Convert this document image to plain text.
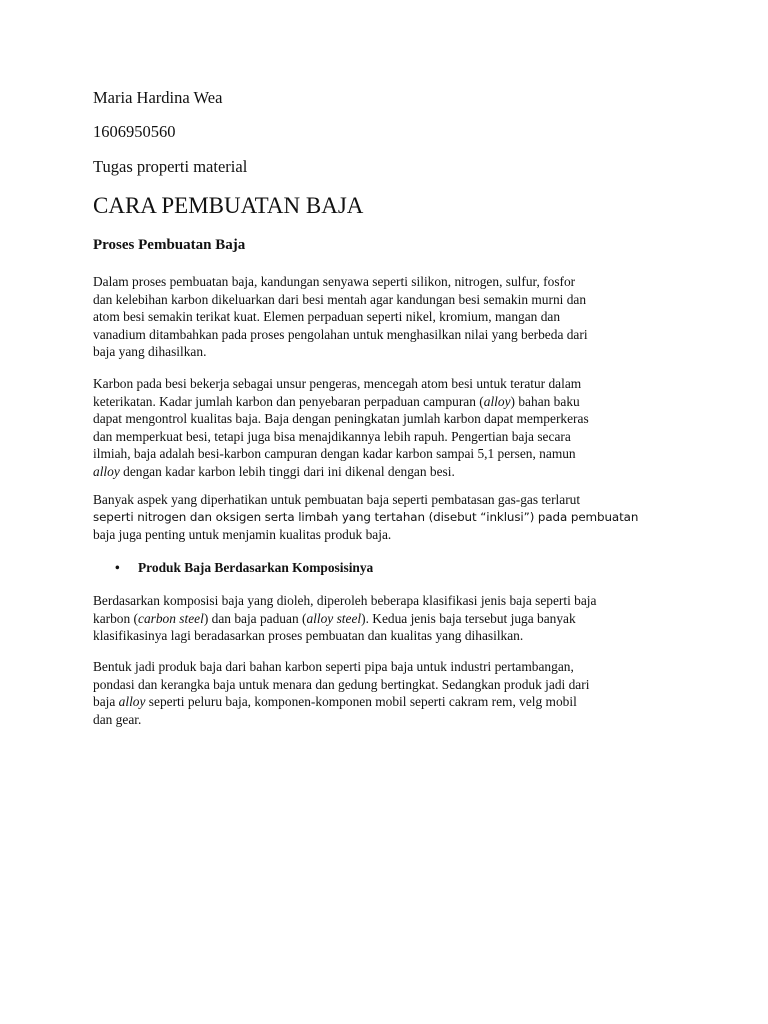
Maria Hardina Wea

1606950560

Tugas properti material

CARA PEMBUATAN BAJA
Proses Pembuatan Baja
Dalam proses pembuatan baja, kandungan senyawa seperti silikon, nitrogen, sulfur, fosfor
dan kelebihan karbon dikeluarkan dari besi mentah agar kandungan besi semakin murni dan
atom besi semakin terikat kuat. Elemen perpaduan seperti nikel, kromium, mangan dan
vanadium ditambahkan pada proses pengolahan untuk menghasilkan nilai yang berbeda dari
baja yang dihasilkan.
Karbon pada besi bekerja sebagai unsur pengeras, mencegah atom besi untuk teratur dalam
keterikatan. Kadar jumlah karbon dan penyebaran perpaduan campuran (alloy) bahan baku
dapat mengontrol kualitas baja. Baja dengan peningkatan jumlah karbon dapat memperkeras
dan memperkuat besi, tetapi juga bisa menajdikannya lebih rapuh. Pengertian baja secara
ilmiah, baja adalah besi-karbon campuran dengan kadar karbon sampai 5,1 persen, namun
alloy dengan kadar karbon lebih tinggi dari ini dikenal dengan besi.
Banyak aspek yang diperhatikan untuk pembuatan baja seperti pembatasan gas-gas terlarut
seperti nitrogen dan oksigen serta limbah yang tertahan (disebut “inklusi”) pada pembuatan
baja juga penting untuk menjamin kualitas produk baja.
• Produk Baja Berdasarkan Komposisinya
Berdasarkan komposisi baja yang dioleh, diperoleh beberapa klasifikasi jenis baja seperti baja
karbon (carbon steel) dan baja paduan (alloy steel). Kedua jenis baja tersebut juga banyak
klasifikasinya lagi beradasarkan proses pembuatan dan kualitas yang dihasilkan.
Bentuk jadi produk baja dari bahan karbon seperti pipa baja untuk industri pertambangan,
pondasi dan kerangka baja untuk menara dan gedung bertingkat. Sedangkan produk jadi dari
baja alloy seperti peluru baja, komponen-komponen mobil seperti cakram rem, velg mobil
dan gear.
